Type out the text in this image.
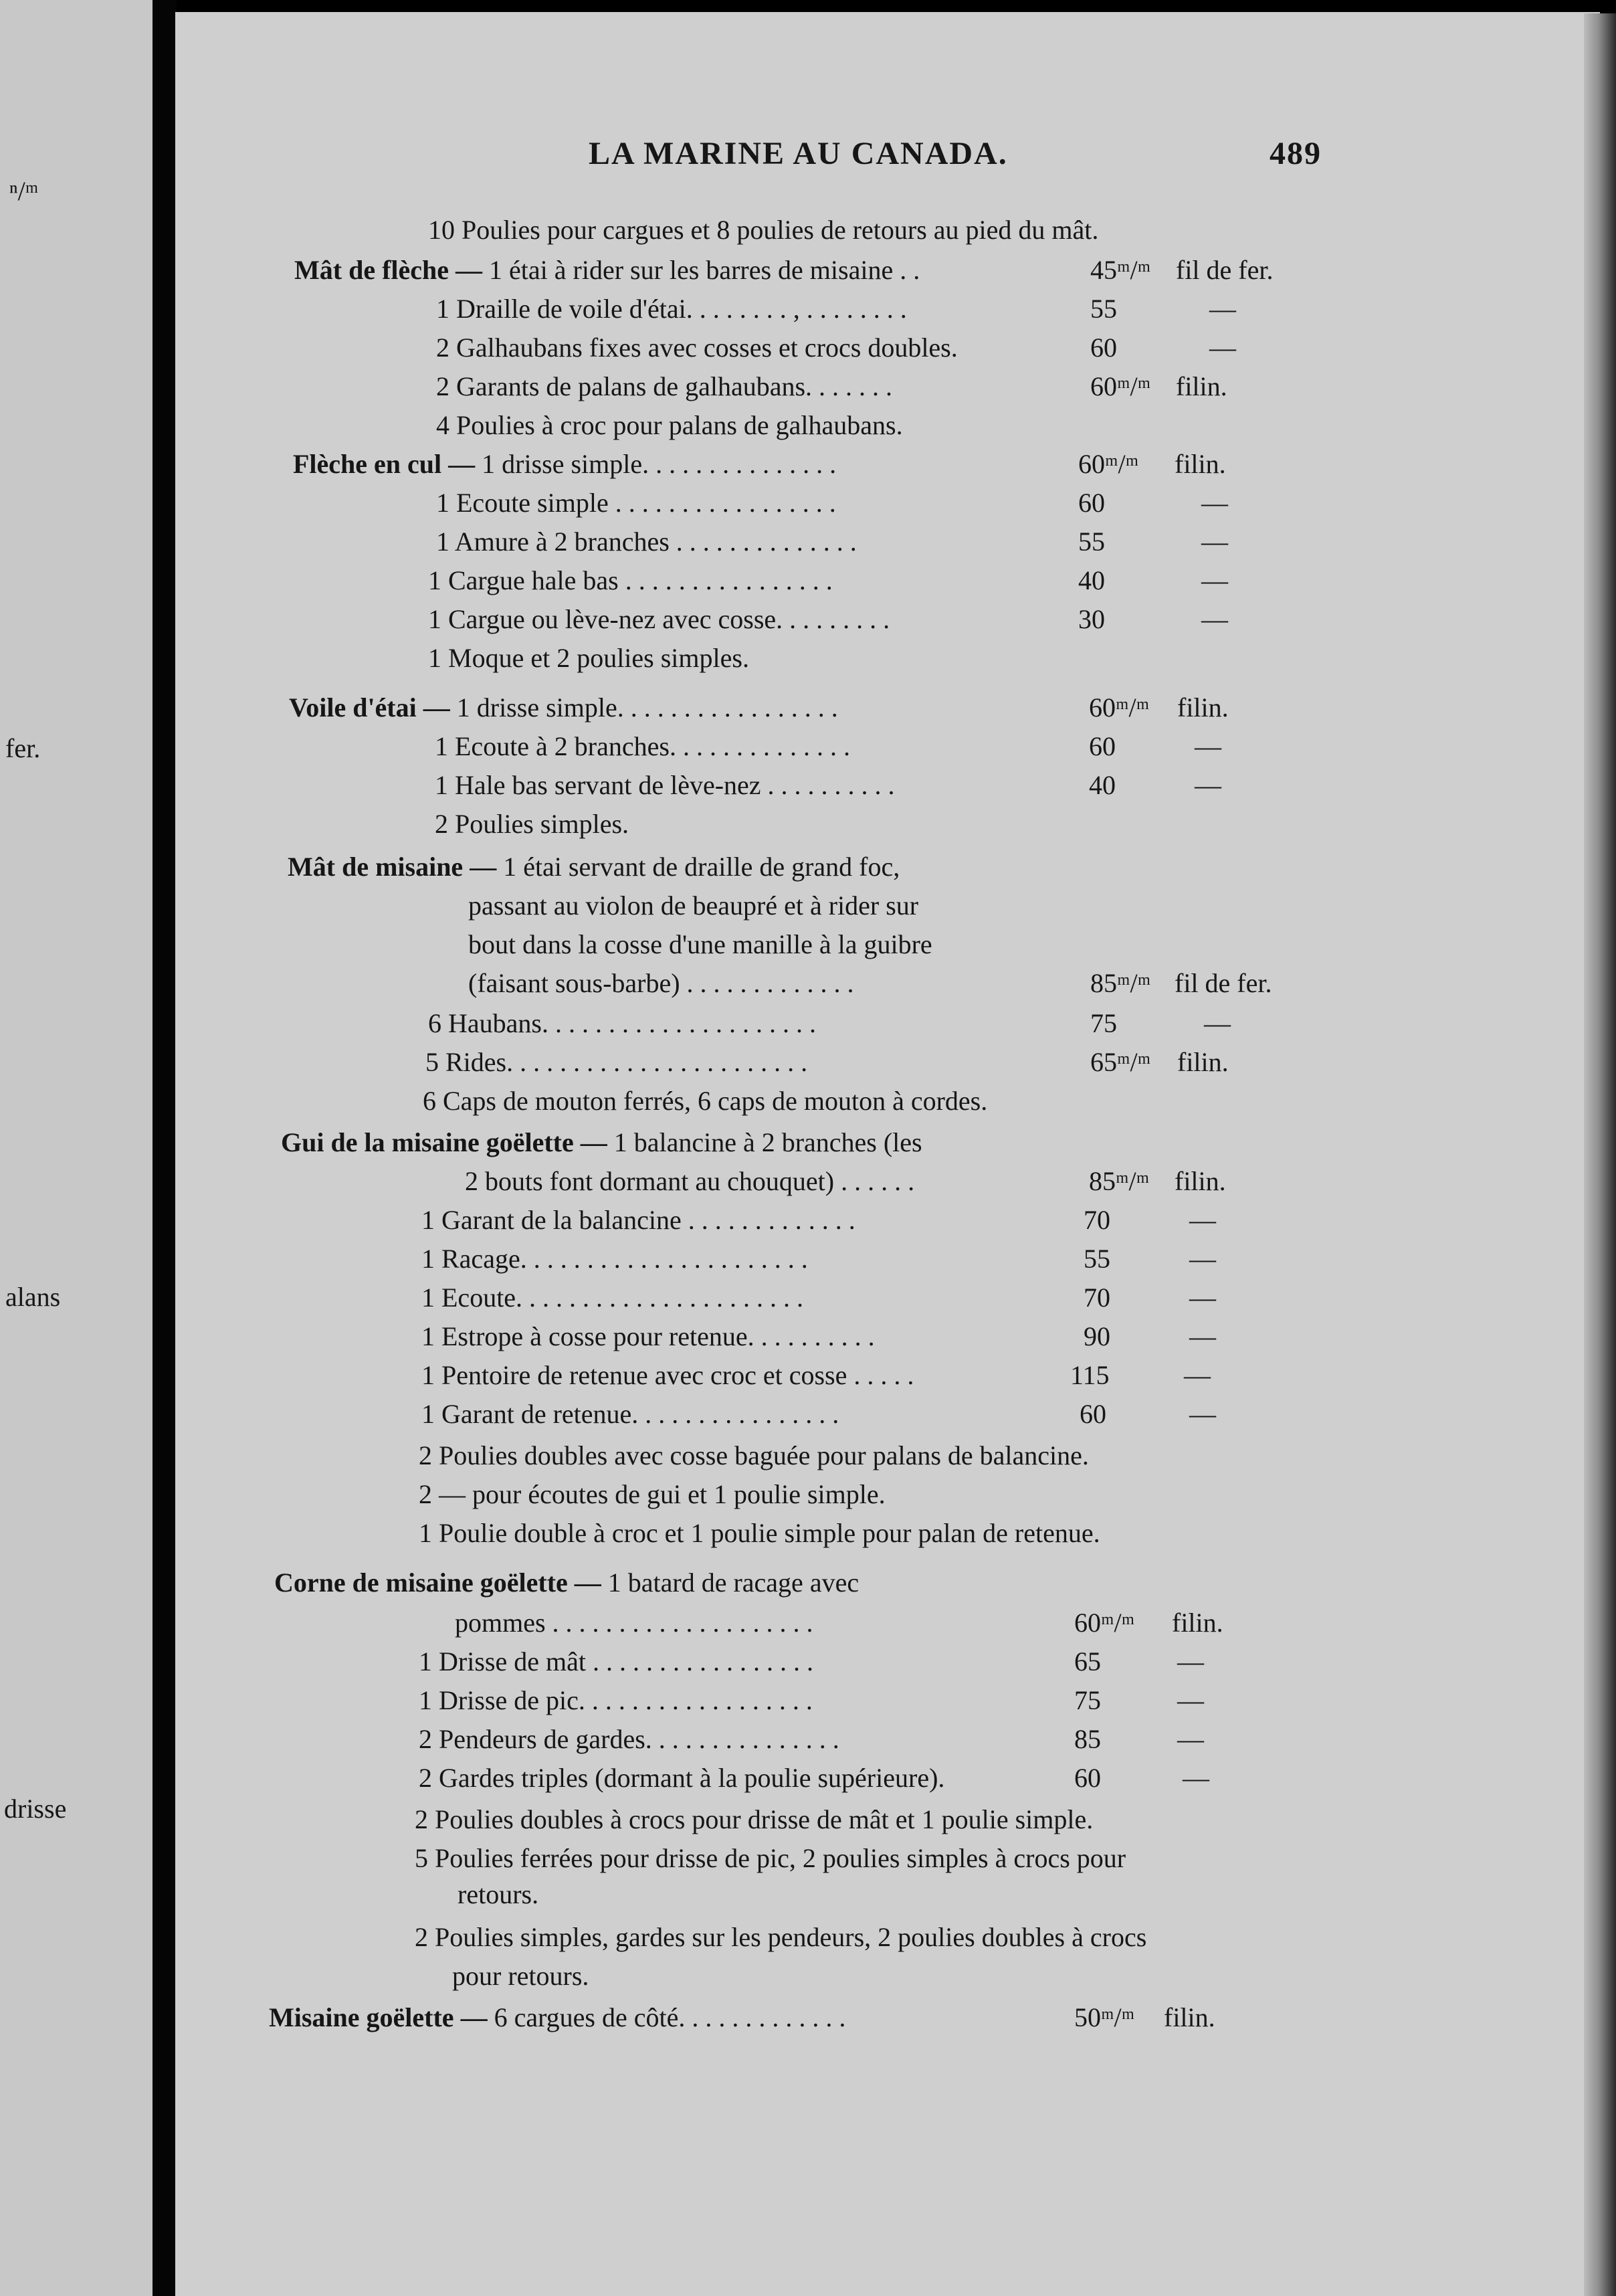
ⁿ/ᵐ
fer.
alans
drisse
LA MARINE AU CANADA.	489
10 Poulies pour cargues et 8 poulies de retours au pied du mât.
Mât de flèche — 1 étai à rider sur les barres de misaine . .	45ᵐ/ᵐ fil de fer.
1 Draille de voile d'étai. . . . . . . . , . . . . . . . .	55	—
2 Galhaubans fixes avec cosses et crocs doubles.	60	—
2 Garants de palans de galhaubans. . . . . . .	60ᵐ/ᵐ filin.
4 Poulies à croc pour palans de galhaubans.
Flèche en cul — 1 drisse simple. . . . . . . . . . . . . . .	60ᵐ/ᵐ filin.
1 Ecoute simple . . . . . . . . . . . . . . . . .	60	—
1 Amure à 2 branches . . . . . . . . . . . . . .	55	—
1 Cargue hale bas . . . . . . . . . . . . . . . .	40	—
1 Cargue ou lève-nez avec cosse. . . . . . . . .	30	—
1 Moque et 2 poulies simples.
Voile d'étai — 1 drisse simple. . . . . . . . . . . . . . . . .	60ᵐ/ᵐ filin.
1 Ecoute à 2 branches. . . . . . . . . . . . . .	60	—
1 Hale bas servant de lève-nez . . . . . . . . . .	40	—
2 Poulies simples.
Mât de misaine — 1 étai servant de draille de grand foc,
passant au violon de beaupré et à rider sur
bout dans la cosse d'une manille à la guibre
(faisant sous-barbe) . . . . . . . . . . . . .	85ᵐ/ᵐ fil de fer.
6 Haubans. . . . . . . . . . . . . . . . . . . . .	75	—
5 Rides. . . . . . . . . . . . . . . . . . . . . . .	65ᵐ/ᵐ filin.
6 Caps de mouton ferrés, 6 caps de mouton à cordes.
Gui de la misaine goëlette — 1 balancine à 2 branches (les
2 bouts font dormant au chouquet) . . . . . .	85ᵐ/ᵐ filin.
1 Garant de la balancine . . . . . . . . . . . . .	70	—
1 Racage. . . . . . . . . . . . . . . . . . . . . .	55	—
1 Ecoute. . . . . . . . . . . . . . . . . . . . . .	70	—
1 Estrope à cosse pour retenue. . . . . . . . . .	90	—
1 Pentoire de retenue avec croc et cosse . . . . .	115	—
1 Garant de retenue. . . . . . . . . . . . . . . .	60	—
2 Poulies doubles avec cosse baguée pour palans de balancine.
2 — pour écoutes de gui et 1 poulie simple.
1 Poulie double à croc et 1 poulie simple pour palan de retenue.
Corne de misaine goëlette — 1 batard de racage avec
pommes . . . . . . . . . . . . . . . . . . . .	60ᵐ/ᵐ filin.
1 Drisse de mât . . . . . . . . . . . . . . . . .	65	—
1 Drisse de pic. . . . . . . . . . . . . . . . . .	75	—
2 Pendeurs de gardes. . . . . . . . . . . . . . .	85	—
2 Gardes triples (dormant à la poulie supérieure).	60	—
2 Poulies doubles à crocs pour drisse de mât et 1 poulie simple.
5 Poulies ferrées pour drisse de pic, 2 poulies simples à crocs pour
retours.
2 Poulies simples, gardes sur les pendeurs, 2 poulies doubles à crocs
pour retours.
Misaine goëlette — 6 cargues de côté. . . . . . . . . . . . .	50ᵐ/ᵐ filin.
